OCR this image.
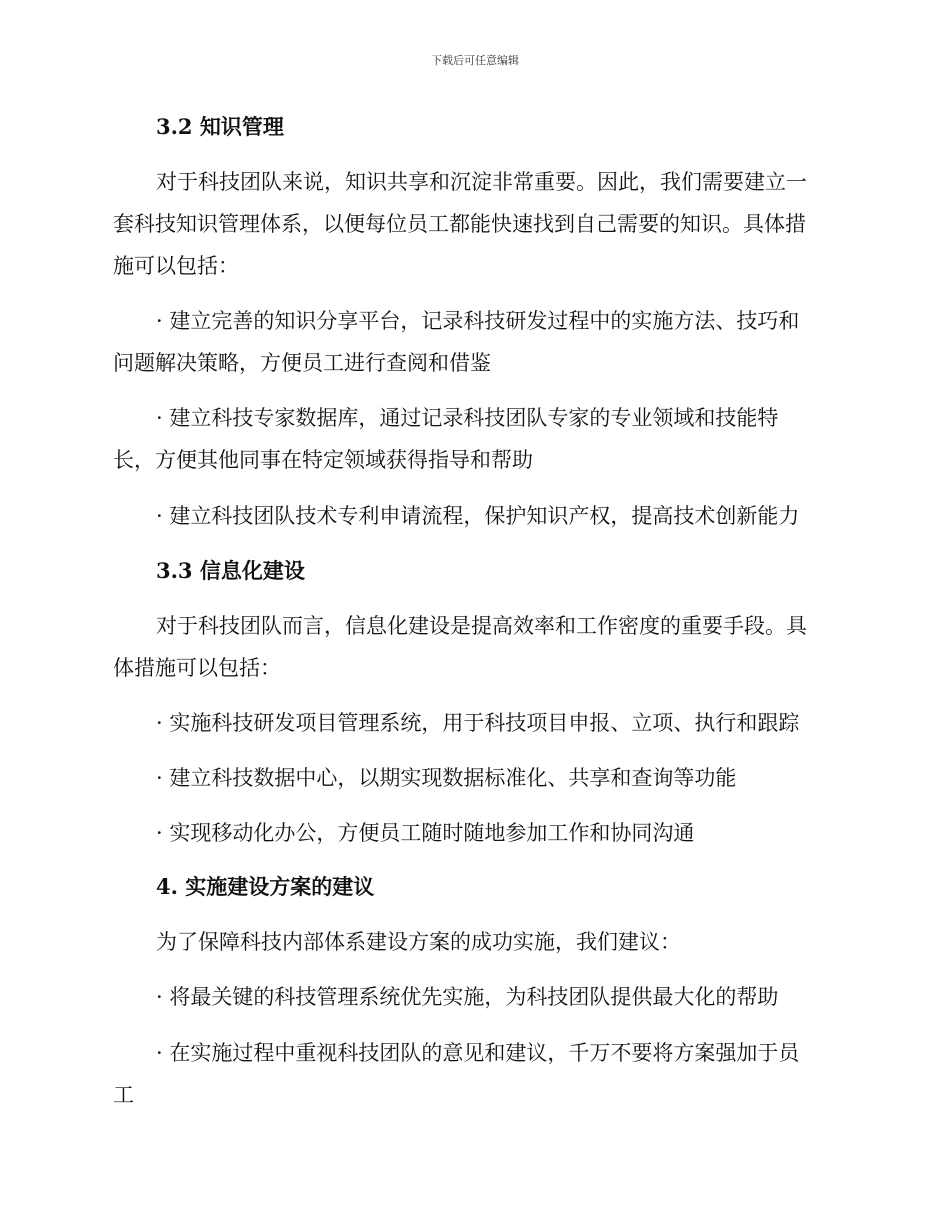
下载后可任意编辑
3.2 知识管理
对于科技团队来说，知识共享和沉淀非常重要。因此，我们需要建立一
套科技知识管理体系，以便每位员工都能快速找到自己需要的知识。具体措
施可以包括：
· 建立完善的知识分享平台，记录科技研发过程中的实施方法、技巧和
问题解决策略，方便员工进行查阅和借鉴
· 建立科技专家数据库，通过记录科技团队专家的专业领域和技能特
长，方便其他同事在特定领域获得指导和帮助
· 建立科技团队技术专利申请流程，保护知识产权，提高技术创新能力
3.3 信息化建设
对于科技团队而言，信息化建设是提高效率和工作密度的重要手段。具
体措施可以包括：
· 实施科技研发项目管理系统，用于科技项目申报、立项、执行和跟踪
· 建立科技数据中心，以期实现数据标准化、共享和查询等功能
· 实现移动化办公，方便员工随时随地参加工作和协同沟通
4. 实施建设方案的建议
为了保障科技内部体系建设方案的成功实施，我们建议：
· 将最关键的科技管理系统优先实施，为科技团队提供最大化的帮助
· 在实施过程中重视科技团队的意见和建议，千万不要将方案强加于员
工
